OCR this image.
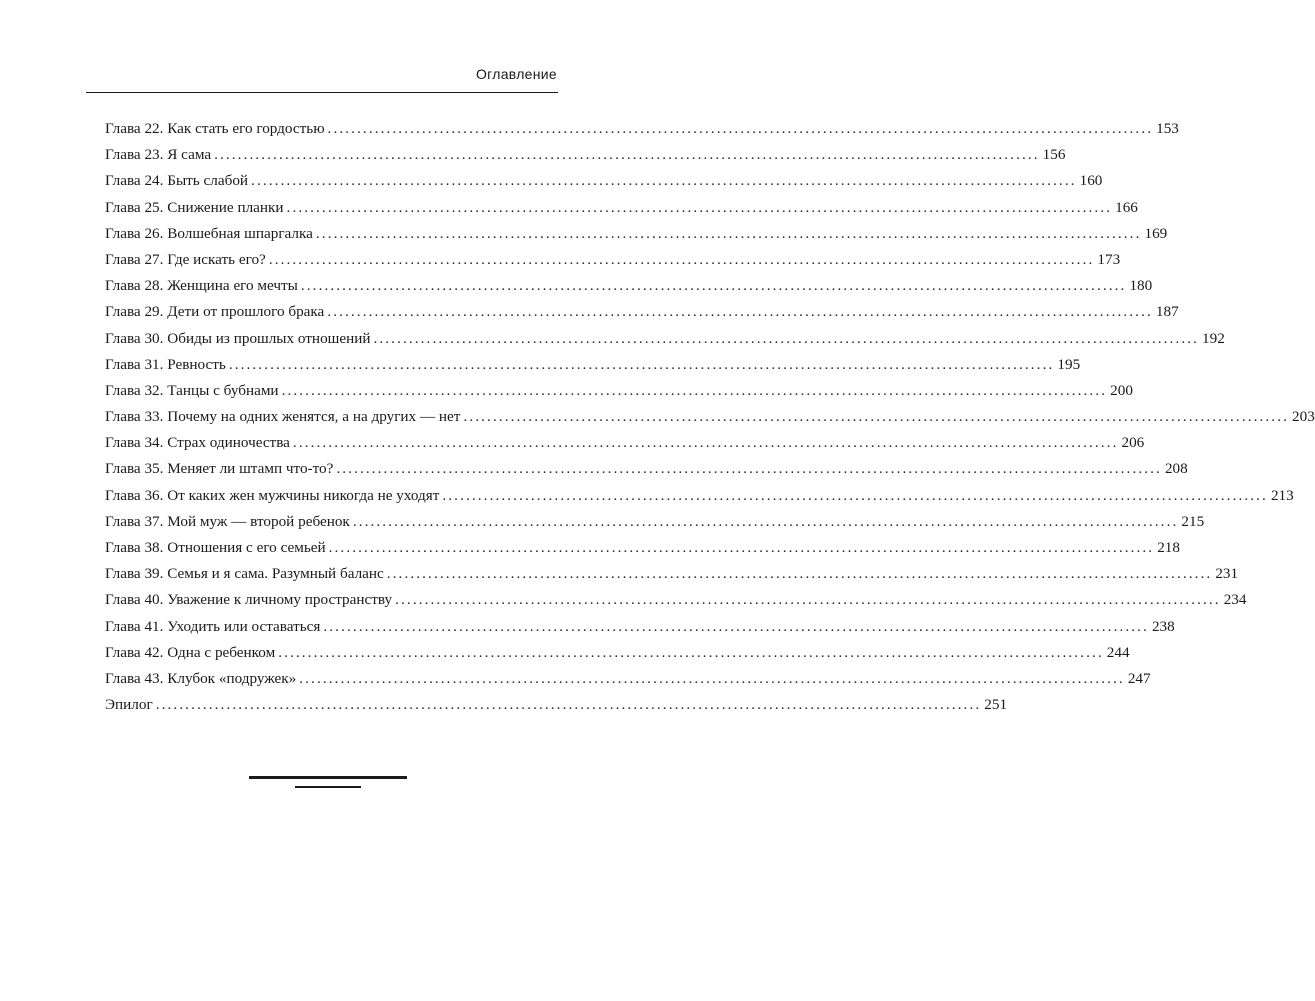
Оглавление
Глава 22. Как стать его гордостью ............................................................................................................................................ 153
Глава 23. Я сама ............................................................................................................................................ 156
Глава 24. Быть слабой ............................................................................................................................................ 160
Глава 25. Снижение планки ............................................................................................................................................ 166
Глава 26. Волшебная шпаргалка ............................................................................................................................................ 169
Глава 27. Где искать его? ............................................................................................................................................ 173
Глава 28. Женщина его мечты ............................................................................................................................................ 180
Глава 29. Дети от прошлого брака ............................................................................................................................................ 187
Глава 30. Обиды из прошлых отношений ............................................................................................................................................ 192
Глава 31. Ревность ............................................................................................................................................ 195
Глава 32. Танцы с бубнами ............................................................................................................................................ 200
Глава 33. Почему на одних женятся, а на других — нет ............................................................................................................................................ 203
Глава 34. Страх одиночества ............................................................................................................................................ 206
Глава 35. Меняет ли штамп что-то? ............................................................................................................................................ 208
Глава 36. От каких жен мужчины никогда не уходят ............................................................................................................................................ 213
Глава 37. Мой муж — второй ребенок ............................................................................................................................................ 215
Глава 38. Отношения с его семьей ............................................................................................................................................ 218
Глава 39. Семья и я сама. Разумный баланс ............................................................................................................................................ 231
Глава 40. Уважение к личному пространству ............................................................................................................................................ 234
Глава 41. Уходить или оставаться ............................................................................................................................................ 238
Глава 42. Одна с ребенком ............................................................................................................................................ 244
Глава 43. Клубок «подружек» ............................................................................................................................................ 247
Эпилог ............................................................................................................................................ 251
